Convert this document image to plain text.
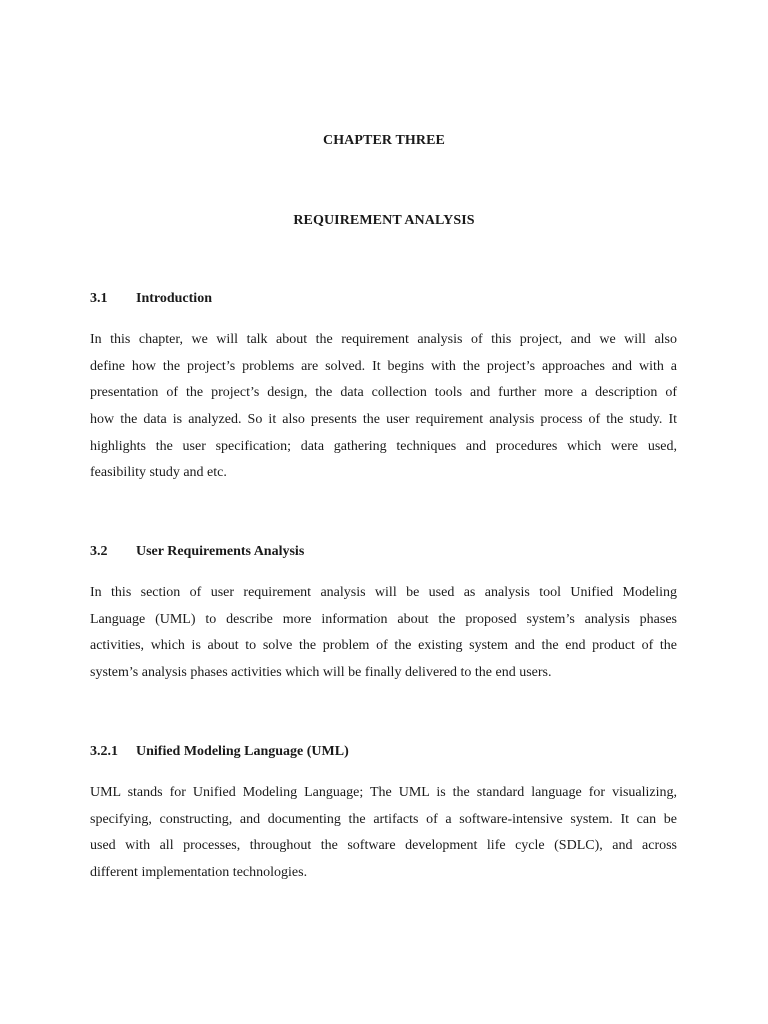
CHAPTER THREE
REQUIREMENT ANALYSIS
3.1 Introduction
In this chapter, we will talk about the requirement analysis of this project, and we will also
define how the project’s problems are solved. It begins with the project’s approaches and with a
presentation of the project’s design, the data collection tools and further more a description of
how the data is analyzed. So it also presents the user requirement analysis process of the study. It
highlights the user specification; data gathering techniques and procedures which were used,
feasibility study and etc.
3.2 User Requirements Analysis
In this section of user requirement analysis will be used as analysis tool Unified Modeling
Language (UML) to describe more information about the proposed system’s analysis phases
activities, which is about to solve the problem of the existing system and the end product of the
system’s analysis phases activities which will be finally delivered to the end users.
3.2.1 Unified Modeling Language (UML)
UML stands for Unified Modeling Language; The UML is the standard language for visualizing,
specifying, constructing, and documenting the artifacts of a software-intensive system. It can be
used with all processes, throughout the software development life cycle (SDLC), and across
different implementation technologies.
